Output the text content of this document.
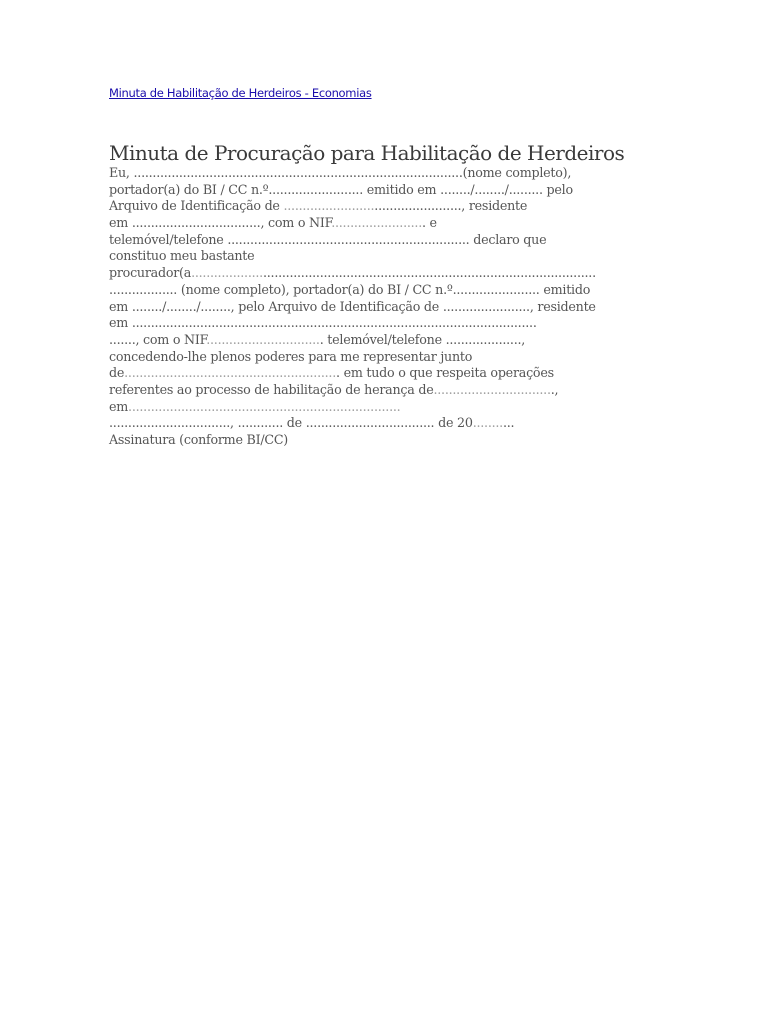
Minuta de Habilitação de Herdeiros - Economias
Minuta de Procuração para Habilitação de Herdeiros
Eu, .......................................................................................(nome completo),
portador(a) do BI / CC n.º......................... emitido em ......../......../......... pelo
Arquivo de Identificação de ..............................................., residente
em .................................., com o NIF......................... e
telemóvel/telefone ................................................................ declaro que
constituo meu bastante
procurador(a...........................................................................................................
.................. (nome completo), portador(a) do BI / CC n.º....................... emitido
em ......../......../........, pelo Arquivo de Identificação de ......................., residente
em ...........................................................................................................
......., com o NIF............................... telemóvel/telefone ....................,
concedendo-lhe plenos poderes para me representar junto
de......................................................... em tudo o que respeita operações
referentes ao processo de habilitação de herança de................................,
em........................................................................
................................, ............ de .................................. de 20...........
Assinatura (conforme BI/CC)
